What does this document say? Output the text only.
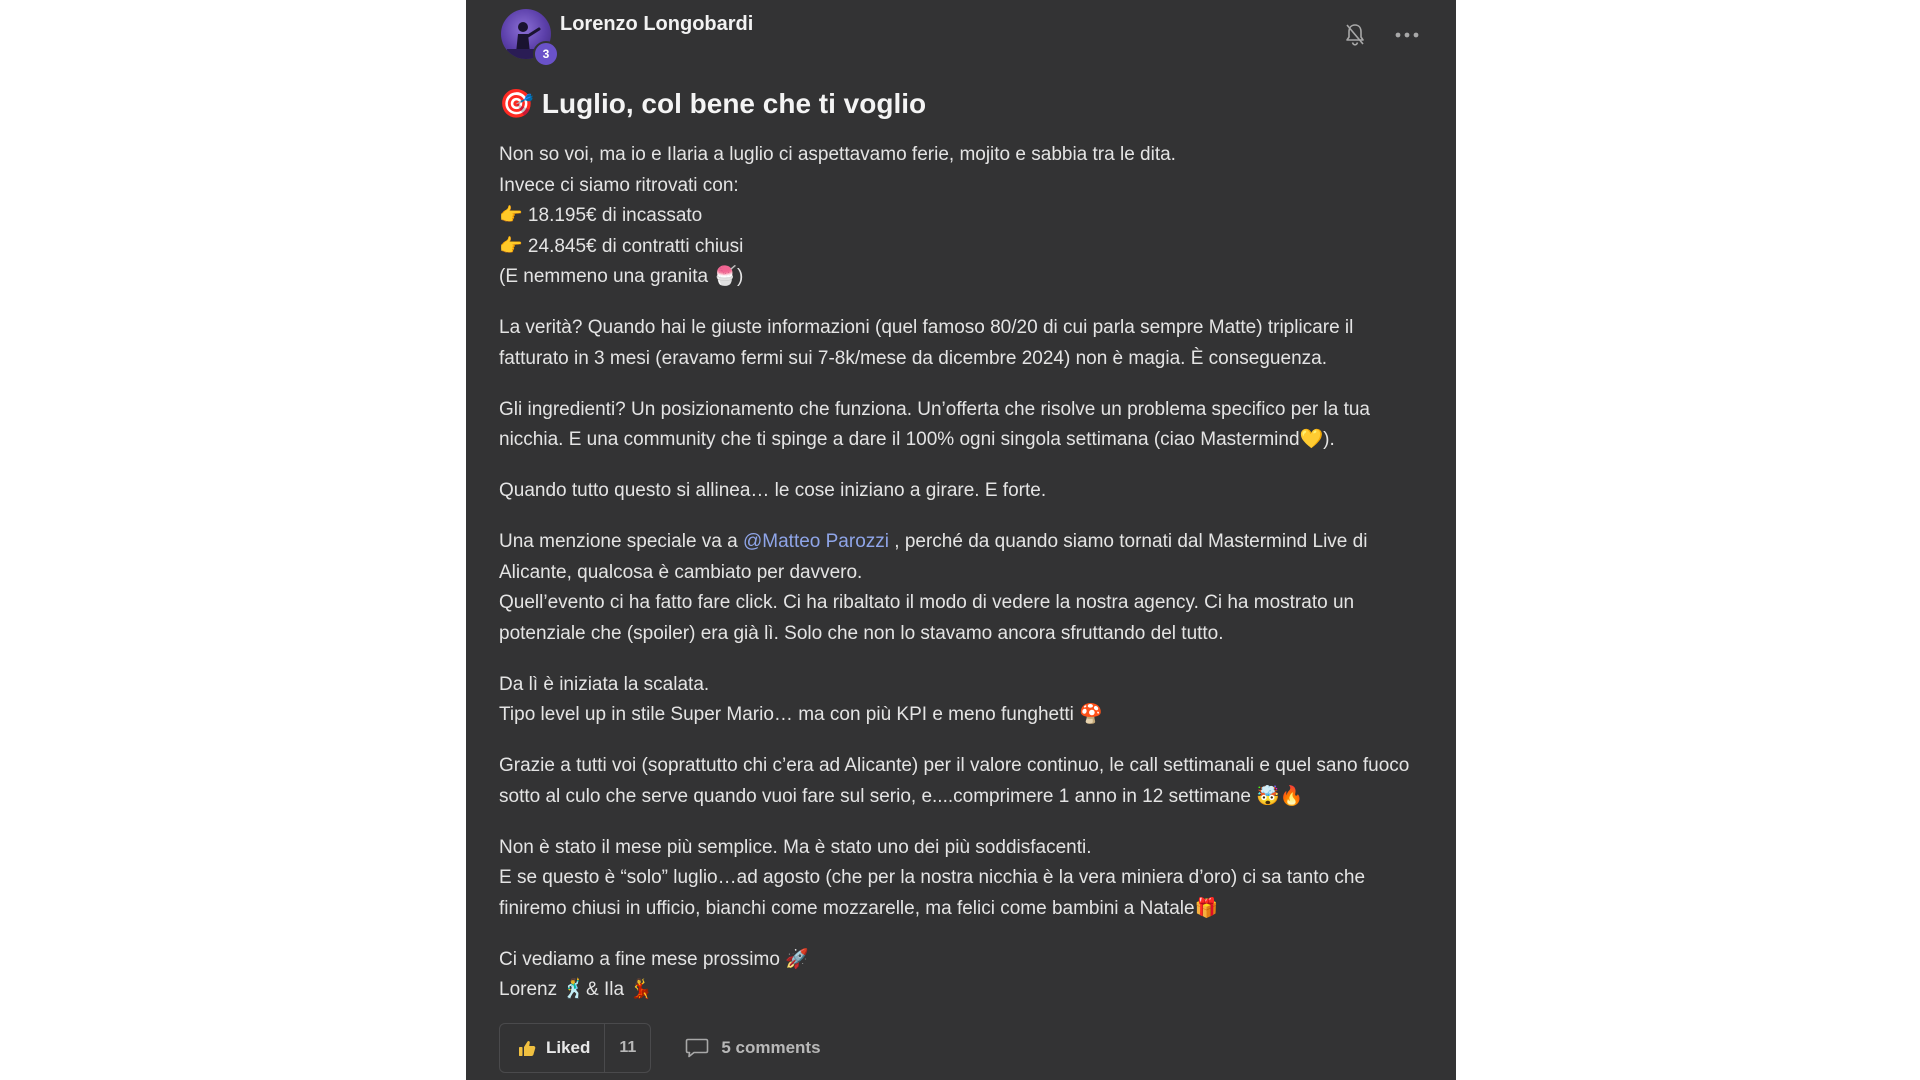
3
Lorenzo Longobardi
🎯 Luglio, col bene che ti voglio

Non so voi, ma io e Ilaria a luglio ci aspettavamo ferie, mojito e sabbia tra le dita.
Invece ci siamo ritrovati con:
👉 18.195€ di incassato
👉 24.845€ di contratti chiusi
(E nemmeno una granita 🍧)

La verità? Quando hai le giuste informazioni (quel famoso 80/20 di cui parla sempre Matte) triplicare il fatturato in 3 mesi (eravamo fermi sui 7-8k/mese da dicembre 2024) non è magia. È conseguenza.

Gli ingredienti? Un posizionamento che funziona. Un’offerta che risolve un problema specifico per la tua nicchia. E una community che ti spinge a dare il 100% ogni singola settimana (ciao Mastermind💛).

Quando tutto questo si allinea… le cose iniziano a girare. E forte.

Una menzione speciale va a @Matteo Parozzi , perché da quando siamo tornati dal Mastermind Live di Alicante, qualcosa è cambiato per davvero.
Quell’evento ci ha fatto fare click. Ci ha ribaltato il modo di vedere la nostra agency. Ci ha mostrato un potenziale che (spoiler) era già lì. Solo che non lo stavamo ancora sfruttando del tutto.

Da lì è iniziata la scalata.
Tipo level up in stile Super Mario… ma con più KPI e meno funghetti 🍄

Grazie a tutti voi (soprattutto chi c’era ad Alicante) per il valore continuo, le call settimanali e quel sano fuoco sotto al culo che serve quando vuoi fare sul serio, e....comprimere 1 anno in 12 settimane 🤯🔥

Non è stato il mese più semplice. Ma è stato uno dei più soddisfacenti.
E se questo è “solo” luglio…ad agosto (che per la nostra nicchia è la vera miniera d’oro) ci sa tanto che finiremo chiusi in ufficio, bianchi come mozzarelle, ma felici come bambini a Natale🎁

Ci vediamo a fine mese prossimo 🚀
Lorenz 🕺& Ila 💃

Liked	11	5 comments
